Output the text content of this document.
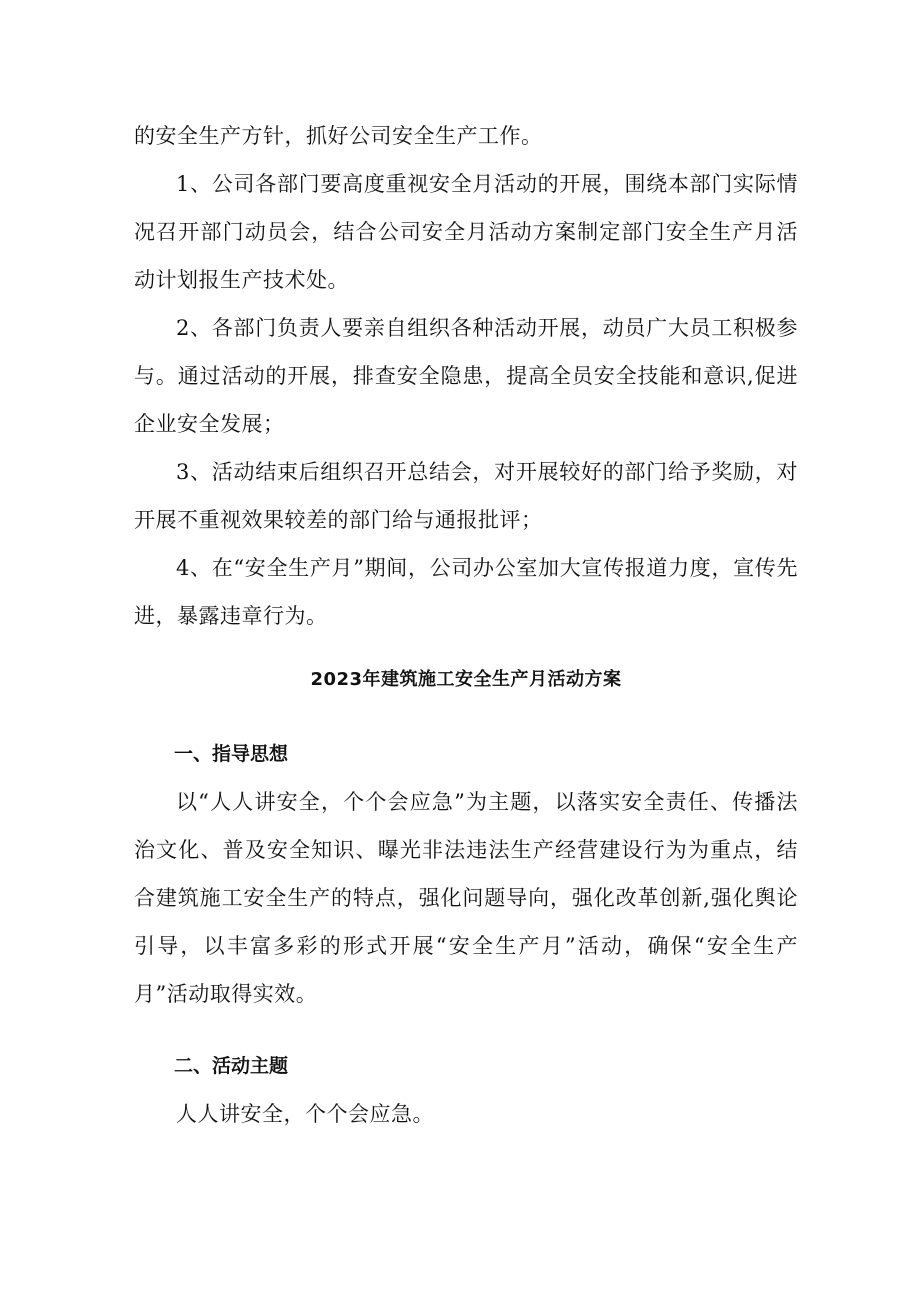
的安全生产方针，抓好公司安全生产工作。

1、公司各部门要高度重视安全月活动的开展，围绕本部门实际情况召开部门动员会，结合公司安全月活动方案制定部门安全生产月活动计划报生产技术处。

2、各部门负责人要亲自组织各种活动开展，动员广大员工积极参与。通过活动的开展，排查安全隐患，提高全员安全技能和意识,促进企业安全发展；

3、活动结束后组织召开总结会，对开展较好的部门给予奖励，对开展不重视效果较差的部门给与通报批评；

4、在“安全生产月”期间，公司办公室加大宣传报道力度，宣传先进，暴露违章行为。

2023年建筑施工安全生产月活动方案
一、指导思想

以“人人讲安全，个个会应急”为主题，以落实安全责任、传播法治文化、普及安全知识、曝光非法违法生产经营建设行为为重点，结合建筑施工安全生产的特点，强化问题导向，强化改革创新,强化舆论引导，以丰富多彩的形式开展“安全生产月”活动，确保“安全生产月”活动取得实效。

二、活动主题

人人讲安全，个个会应急。
